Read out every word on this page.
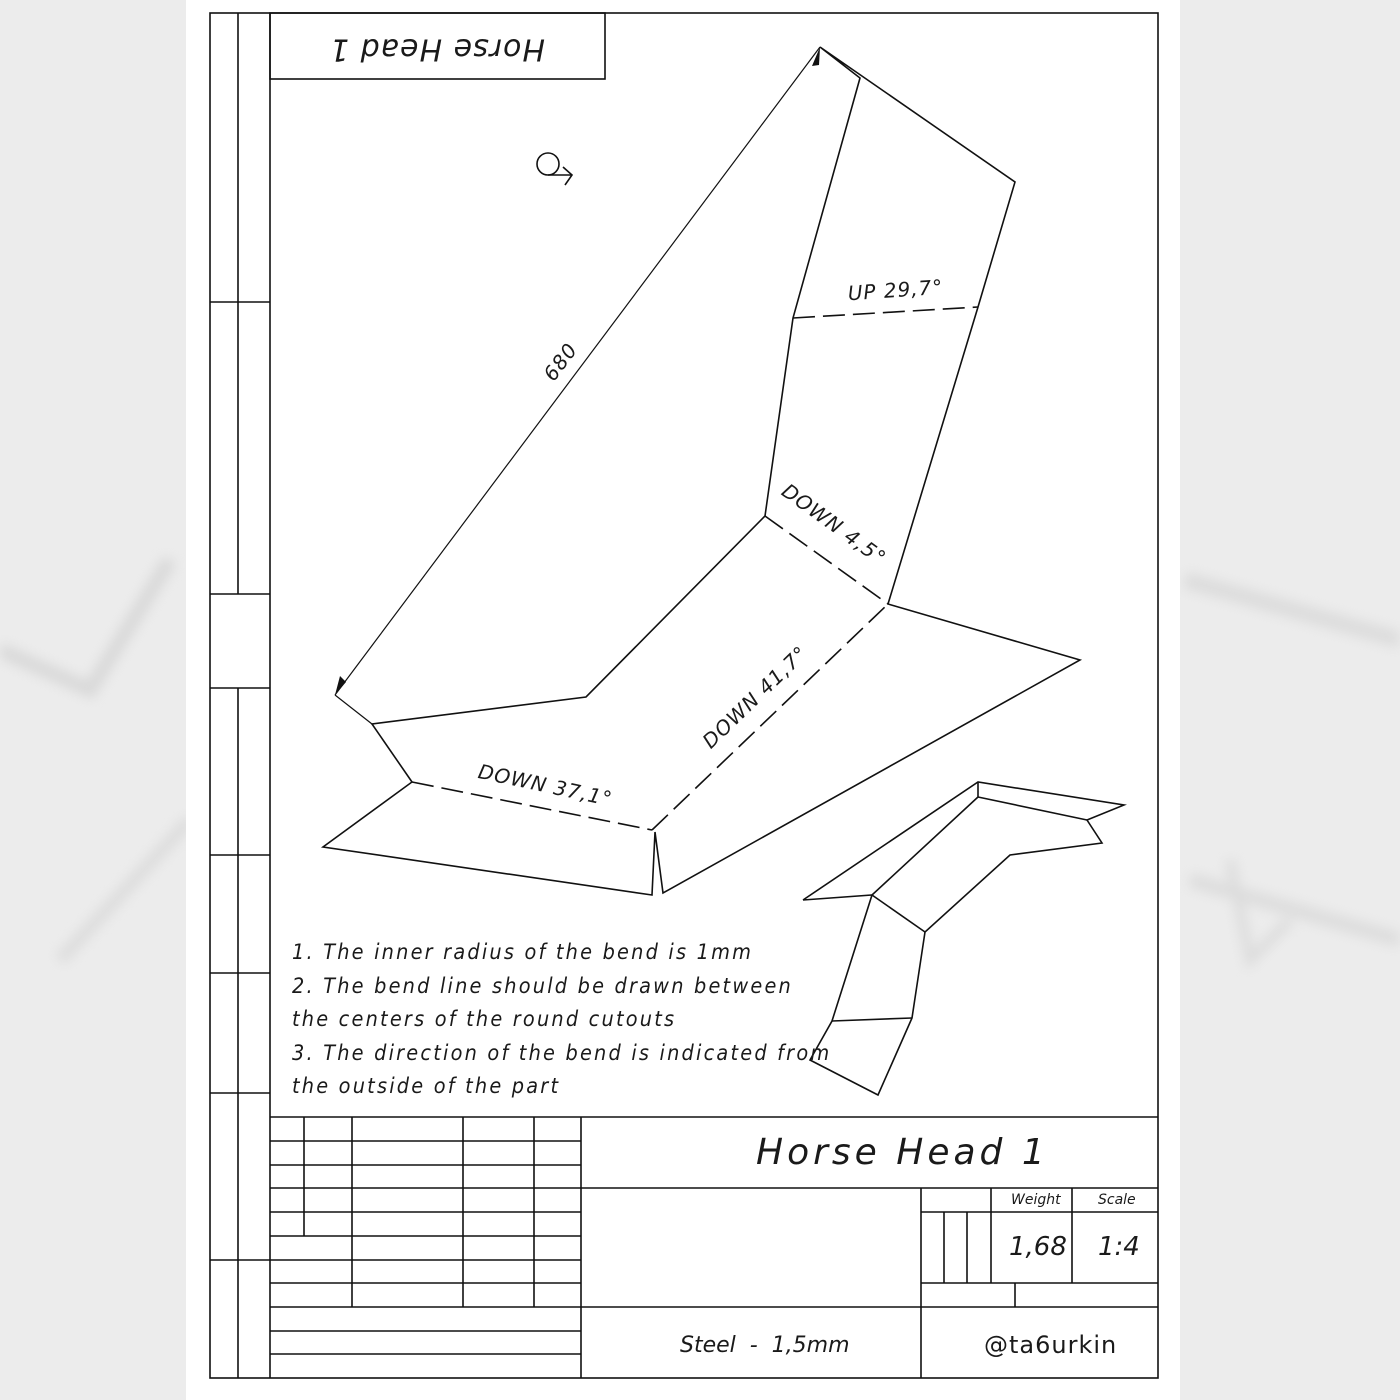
Horse Head 1
680
UP 29,7°
DOWN 4,5°
DOWN 41,7°
DOWN 37,1°
1. The inner radius of the bend is 1mm
2. The bend line should be drawn between
the centers of the round cutouts
3. The direction of the bend is indicated from
the outside of the part
Horse Head 1
Weight	Scale
1,68 1:4
Steel  -  1,5mm	@ta6urkin
